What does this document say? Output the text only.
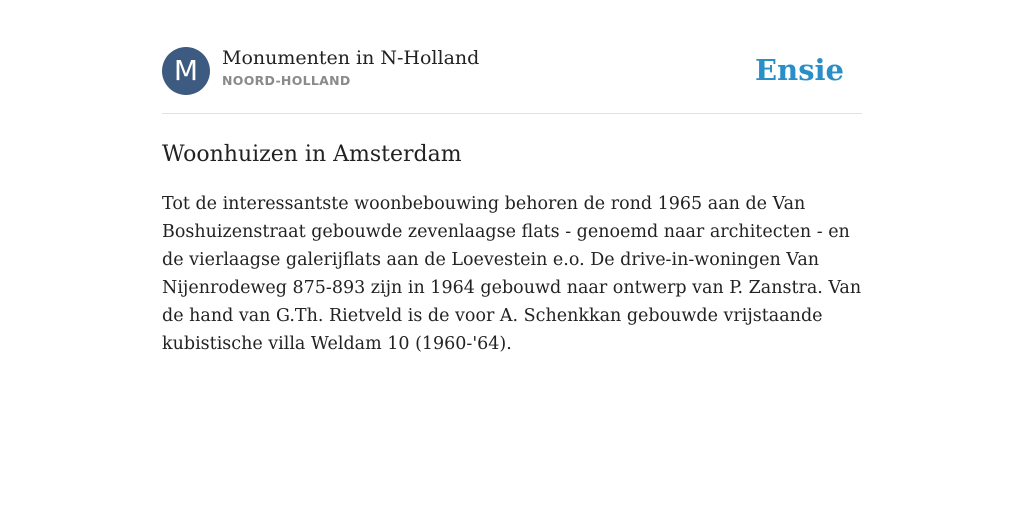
M	Monumenten in N-Holland
NOORD-HOLLAND	Ensie
Woonhuizen in Amsterdam

Tot de interessantste woonbebouwing behoren de rond 1965 aan de Van Boshuizenstraat gebouwde zevenlaagse flats - genoemd naar architecten - en de vierlaagse galerijflats aan de Loevestein e.o. De drive-in-woningen Van Nijenrodeweg 875-893 zijn in 1964 gebouwd naar ontwerp van P. Zanstra. Van de hand van G.Th. Rietveld is de voor A. Schenkkan gebouwde vrijstaande kubistische villa Weldam 10 (1960-'64).
